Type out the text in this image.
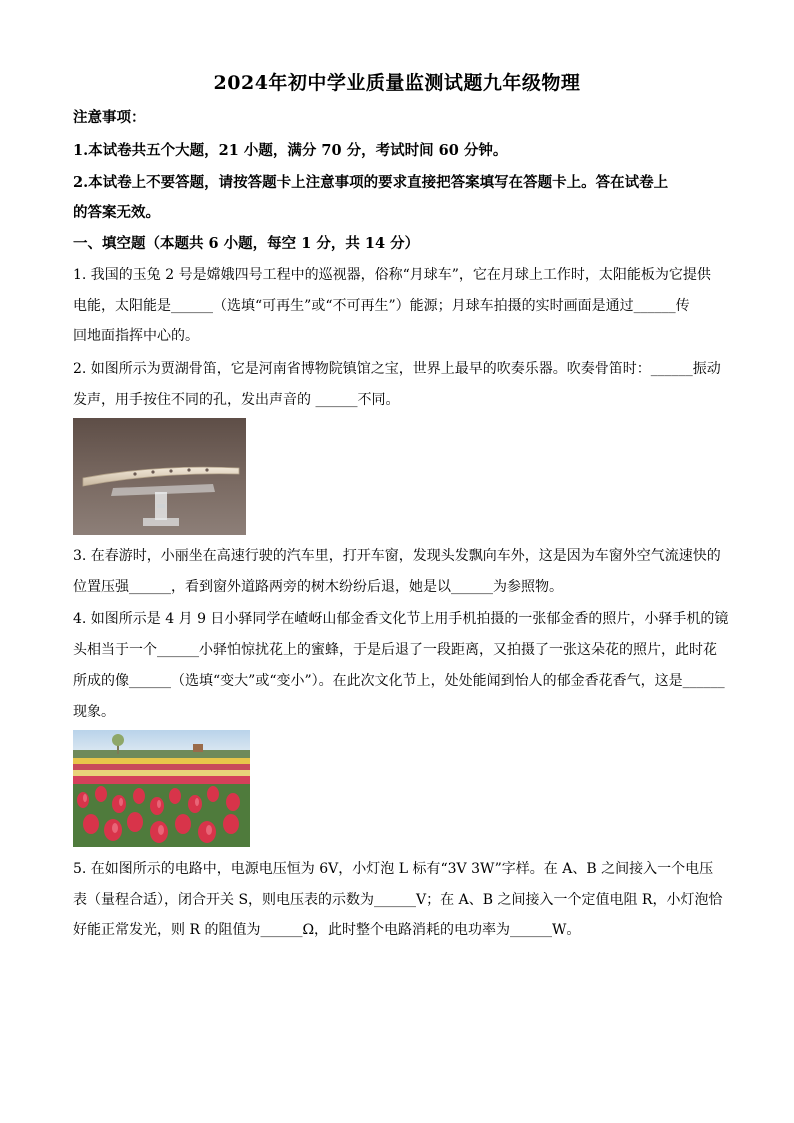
2024年初中学业质量监测试题九年级物理
注意事项：
1.本试卷共五个大题，21 小题，满分 70 分，考试时间 60 分钟。
2.本试卷上不要答题，请按答题卡上注意事项的要求直接把答案填写在答题卡上。答在试卷上
的答案无效。
一、填空题（本题共 6 小题，每空 1 分，共 14 分）
1. 我国的玉兔 2 号是嫦娥四号工程中的巡视器，俗称“月球车”，它在月球上工作时，太阳能板为它提供
电能，太阳能是______（选填“可再生”或“不可再生”）能源；月球车拍摄的实时画面是通过______传
回地面指挥中心的。
2. 如图所示为贾湖骨笛，它是河南省博物院镇馆之宝，世界上最早的吹奏乐器。吹奏骨笛时：______振动
发声，用手按住不同的孔，发出声音的 ______不同。
3. 在春游时，小丽坐在高速行驶的汽车里，打开车窗，发现头发飘向车外，这是因为车窗外空气流速快的
位置压强______，看到窗外道路两旁的树木纷纷后退，她是以______为参照物。
4. 如图所示是 4 月 9 日小驿同学在嵖岈山郁金香文化节上用手机拍摄的一张郁金香的照片，小驿手机的镜
头相当于一个______小驿怕惊扰花上的蜜蜂，于是后退了一段距离，又拍摄了一张这朵花的照片，此时花
所成的像______（选填“变大”或“变小”）。在此次文化节上，处处能闻到怡人的郁金香花香气，这是______
现象。
5. 在如图所示的电路中，电源电压恒为 6V，小灯泡 L 标有“3V 3W”字样。在 A、B 之间接入一个电压
表（量程合适），闭合开关 S，则电压表的示数为______V；在 A、B 之间接入一个定值电阻 R，小灯泡恰
好能正常发光，则 R 的阻值为______Ω，此时整个电路消耗的电功率为______W。
